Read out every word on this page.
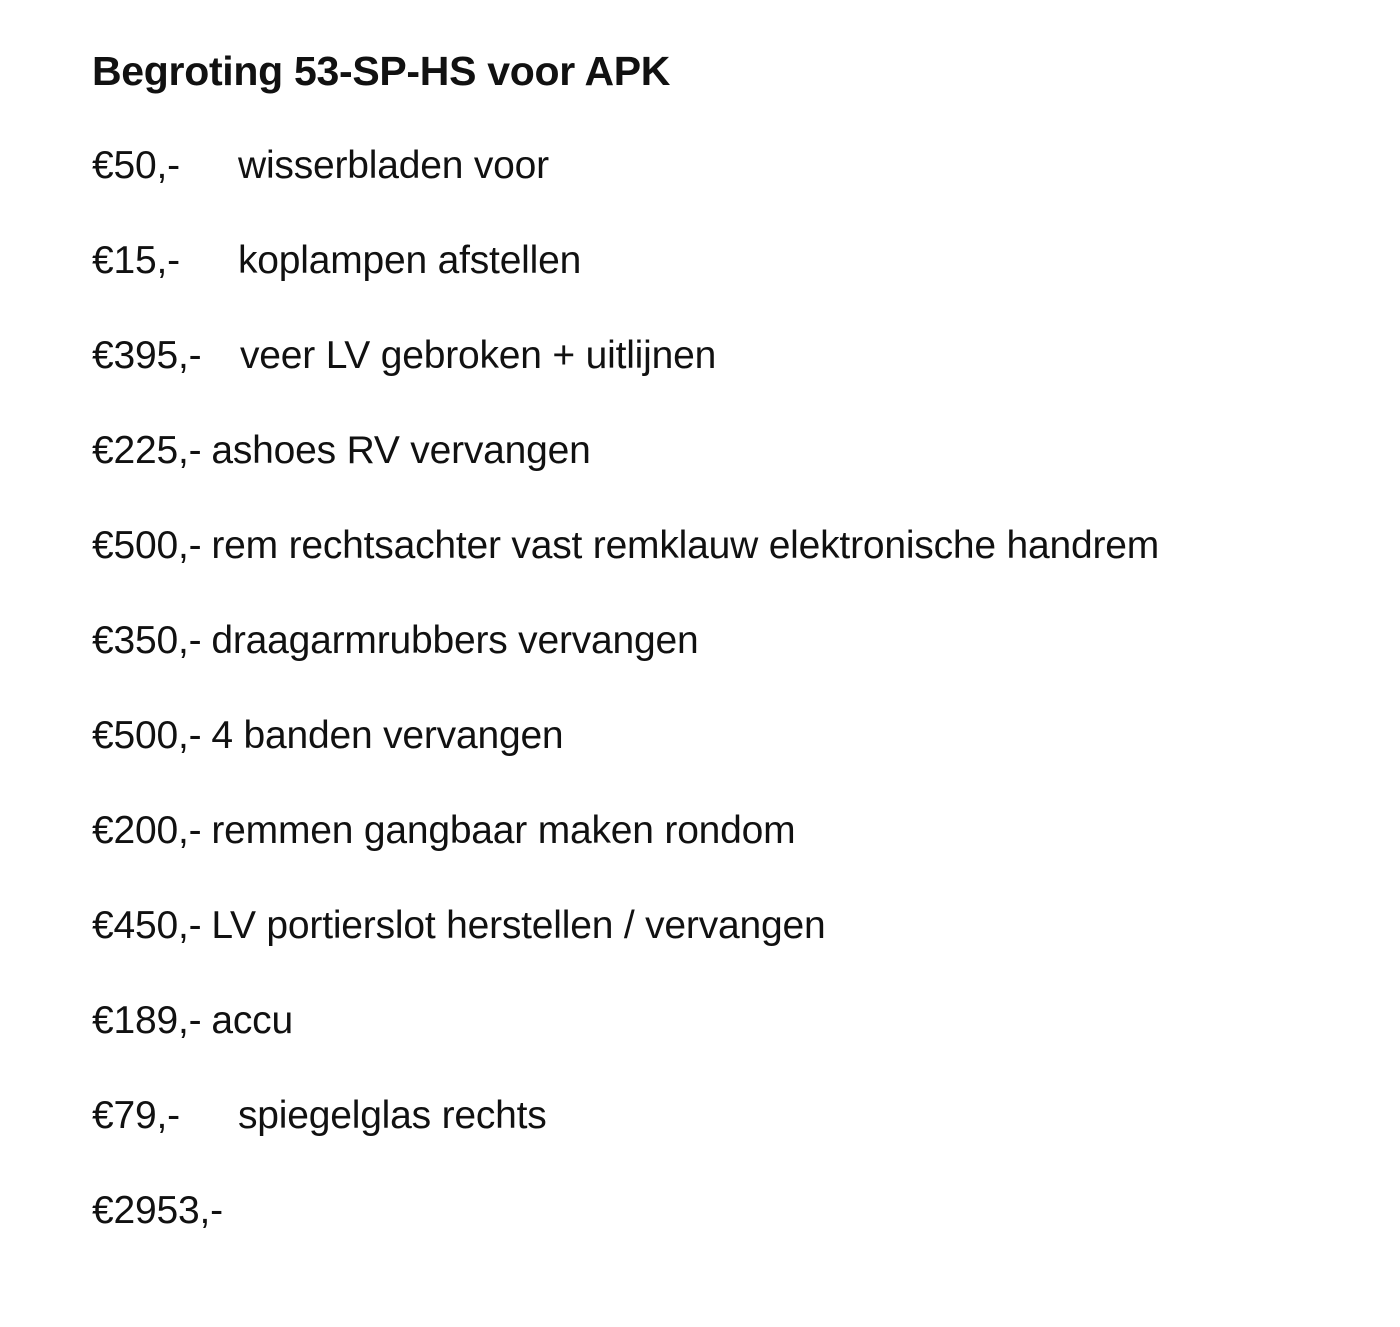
Begroting 53-SP-HS voor APK
€50,- wisserbladen voor
€15,- koplampen afstellen
€395,- veer LV gebroken + uitlijnen
€225,- ashoes RV vervangen
€500,- rem rechtsachter vast remklauw elektronische handrem
€350,- draagarmrubbers vervangen
€500,- 4 banden vervangen
€200,- remmen gangbaar maken rondom
€450,- LV portierslot herstellen / vervangen
€189,- accu
€79,- spiegelglas rechts
€2953,-
